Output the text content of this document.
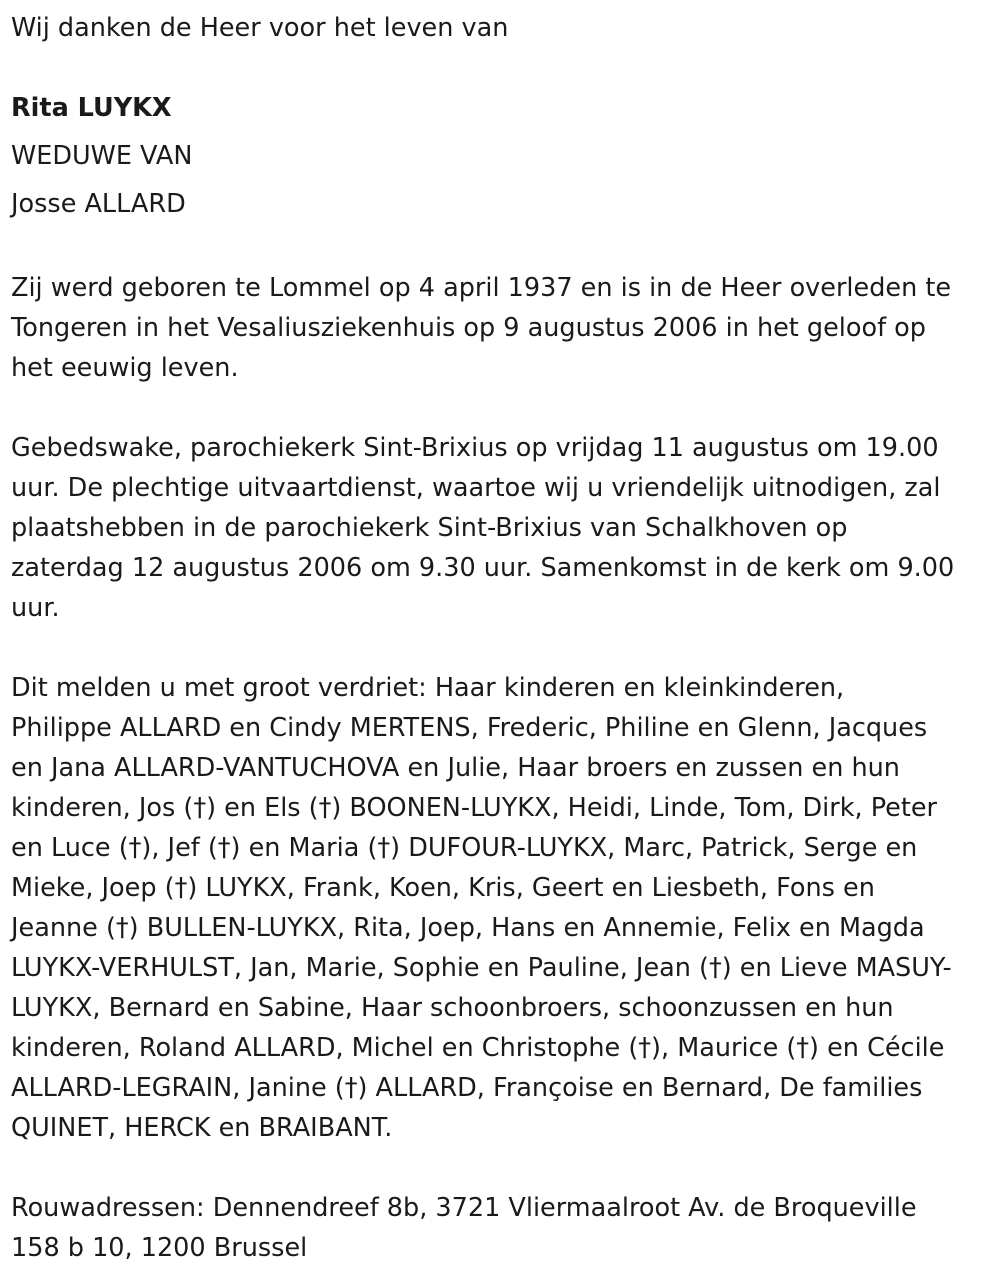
Wij danken de Heer voor het leven van

Rita LUYKX

WEDUWE VAN

Josse ALLARD

Zij werd geboren te Lommel op 4 april 1937 en is in de Heer overleden te

Tongeren in het Vesaliusziekenhuis op 9 augustus 2006 in het geloof op

het eeuwig leven.

Gebedswake, parochiekerk Sint-Brixius op vrijdag 11 augustus om 19.00

uur. De plechtige uitvaartdienst, waartoe wij u vriendelijk uitnodigen, zal

plaatshebben in de parochiekerk Sint-Brixius van Schalkhoven op

zaterdag 12 augustus 2006 om 9.30 uur. Samenkomst in de kerk om 9.00

uur.

Dit melden u met groot verdriet: Haar kinderen en kleinkinderen,

Philippe ALLARD en Cindy MERTENS, Frederic, Philine en Glenn, Jacques

en Jana ALLARD-VANTUCHOVA en Julie, Haar broers en zussen en hun

kinderen, Jos (†) en Els (†) BOONEN-LUYKX, Heidi, Linde, Tom, Dirk, Peter

en Luce (†), Jef (†) en Maria (†) DUFOUR-LUYKX, Marc, Patrick, Serge en

Mieke, Joep (†) LUYKX, Frank, Koen, Kris, Geert en Liesbeth, Fons en

Jeanne (†) BULLEN-LUYKX, Rita, Joep, Hans en Annemie, Felix en Magda

LUYKX-VERHULST, Jan, Marie, Sophie en Pauline, Jean (†) en Lieve MASUY-

LUYKX, Bernard en Sabine, Haar schoonbroers, schoonzussen en hun

kinderen, Roland ALLARD, Michel en Christophe (†), Maurice (†) en Cécile

ALLARD-LEGRAIN, Janine (†) ALLARD, Françoise en Bernard, De families

QUINET, HERCK en BRAIBANT.

Rouwadressen: Dennendreef 8b, 3721 Vliermaalroot Av. de Broqueville

158 b 10, 1200 Brussel
